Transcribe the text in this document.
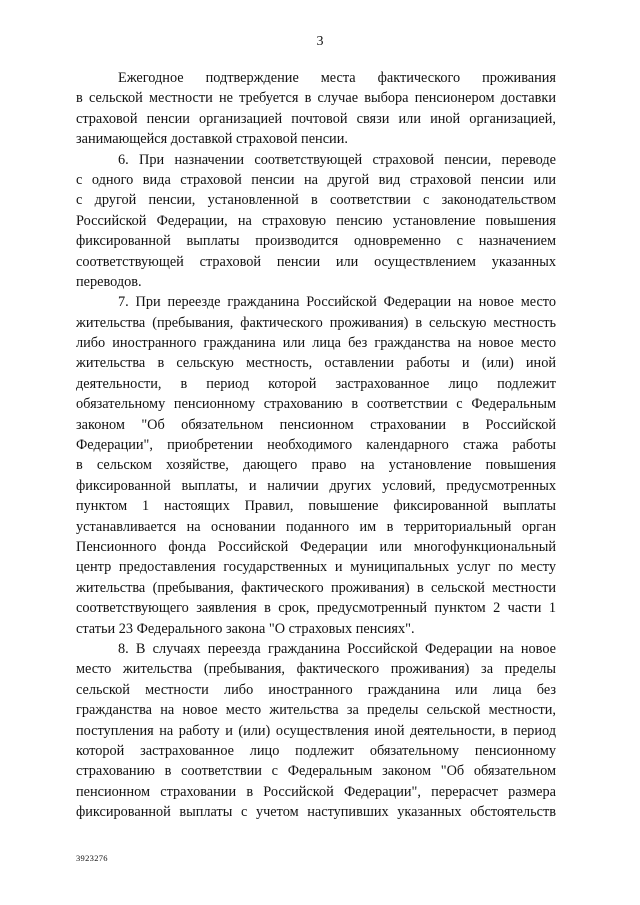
3
Ежегодное подтверждение места фактического проживания
в сельской местности не требуется в случае выбора пенсионером доставки
страховой пенсии организацией почтовой связи или иной организацией,
занимающейся доставкой страховой пенсии.
6. При назначении соответствующей страховой пенсии, переводе
с одного вида страховой пенсии на другой вид страховой пенсии или
с другой пенсии, установленной в соответствии с законодательством
Российской Федерации, на страховую пенсию установление повышения
фиксированной выплаты производится одновременно с назначением
соответствующей страховой пенсии или осуществлением указанных
переводов.
7. При переезде гражданина Российской Федерации на новое место
жительства (пребывания, фактического проживания) в сельскую местность
либо иностранного гражданина или лица без гражданства на новое место
жительства в сельскую местность, оставлении работы и (или) иной
деятельности, в период которой застрахованное лицо подлежит
обязательному пенсионному страхованию в соответствии с Федеральным
законом "Об обязательном пенсионном страховании в Российской
Федерации", приобретении необходимого календарного стажа работы
в сельском хозяйстве, дающего право на установление повышения
фиксированной выплаты, и наличии других условий, предусмотренных
пунктом 1 настоящих Правил, повышение фиксированной выплаты
устанавливается на основании поданного им в территориальный орган
Пенсионного фонда Российской Федерации или многофункциональный
центр предоставления государственных и муниципальных услуг по месту
жительства (пребывания, фактического проживания) в сельской местности
соответствующего заявления в срок, предусмотренный пунктом 2 части 1
статьи 23 Федерального закона "О страховых пенсиях".
8. В случаях переезда гражданина Российской Федерации на новое
место жительства (пребывания, фактического проживания) за пределы
сельской местности либо иностранного гражданина или лица без
гражданства на новое место жительства за пределы сельской местности,
поступления на работу и (или) осуществления иной деятельности, в период
которой застрахованное лицо подлежит обязательному пенсионному
страхованию в соответствии с Федеральным законом "Об обязательном
пенсионном страховании в Российской Федерации", перерасчет размера
фиксированной выплаты с учетом наступивших указанных обстоятельств
3923276
